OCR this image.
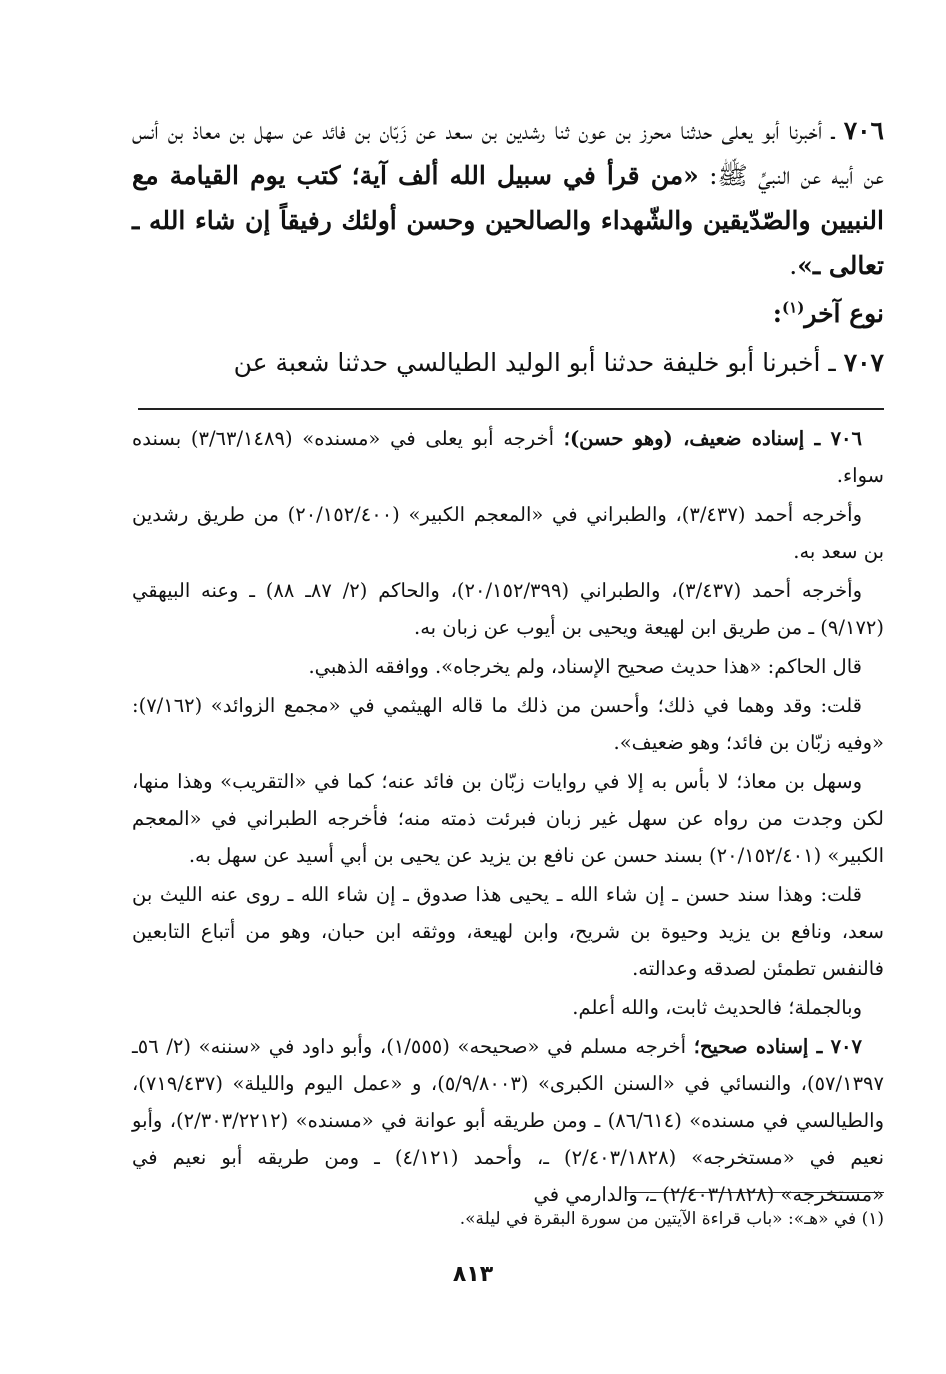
٧٠٦ ـ أخبرنا أبو يعلى حدثنا محرز بن عون ثنا رشدين بن سعد عن زَبّان بن فائد عن سهل بن معاذ بن أنس عن أبيه عن النبيِّ ﷺ: «من قرأ في سبيل الله ألف آية؛ كتب يوم القيامة مع النبيين والصّدّيقين والشّهداء والصالحين وحسن أولئك رفيقاً إن شاء الله ـ تعالى ـ».

نوع آخر$^{(١)}$:

٧٠٧ ـ أخبرنا أبو خليفة حدثنا أبو الوليد الطيالسي حدثنا شعبة عن

٧٠٦ ـ إسناده ضعيف، (وهو حسن)؛ أخرجه أبو يعلى في «مسنده» (٣/٦٣/١٤٨٩) بسنده سواء.

وأخرجه أحمد (٣/٤٣٧)، والطبراني في «المعجم الكبير» (٢٠/١٥٢/٤٠٠) من طريق رشدين بن سعد به.

وأخرجه أحمد (٣/٤٣٧)، والطبراني (٢٠/١٥٢/٣٩٩)، والحاكم (٢/ ٨٧ـ ٨٨) ـ وعنه البيهقي (٩/١٧٢) ـ من طريق ابن لهيعة ويحيى بن أيوب عن زبان به.

قال الحاكم: «هذا حديث صحيح الإسناد، ولم يخرجاه». ووافقه الذهبي.

قلت: وقد وهما في ذلك؛ وأحسن من ذلك ما قاله الهيثمي في «مجمع الزوائد» (٧/١٦٢): «وفيه زبّان بن فائد؛ وهو ضعيف».

وسهل بن معاذ؛ لا بأس به إلا في روايات زبّان بن فائد عنه؛ كما في «التقريب» وهذا منها، لكن وجدت من رواه عن سهل غير زبان فبرئت ذمته منه؛ فأخرجه الطبراني في «المعجم الكبير» (٢٠/١٥٢/٤٠١) بسند حسن عن نافع بن يزيد عن يحيى بن أبي أسيد عن سهل به.

قلت: وهذا سند حسن ـ إن شاء الله ـ يحيى هذا صدوق ـ إن شاء الله ـ روى عنه الليث بن سعد، ونافع بن يزيد وحيوة بن شريح، وابن لهيعة، ووثقه ابن حبان، وهو من أتباع التابعين فالنفس تطمئن لصدقه وعدالته.

وبالجملة؛ فالحديث ثابت، والله أعلم.

٧٠٧ ـ إسناده صحيح؛ أخرجه مسلم في «صحيحه» (١/٥٥٥)، وأبو داود في «سننه» (٢/ ٥٦ـ ٥٧/١٣٩٧)، والنسائي في «السنن الكبرى» (٥/٩/٨٠٠٣)، و «عمل اليوم والليلة» (٧١٩/٤٣٧)، والطيالسي في مسنده» (٨٦/٦١٤) ـ ومن طريقه أبو عوانة في «مسنده» (٢/٣٠٣/٢٢١٢)، وأبو نعيم في «مستخرجه» (٢/٤٠٣/١٨٢٨) ـ، وأحمد (٤/١٢١) ـ ومن طريقه أبو نعيم في «مستخرجه» (٢/٤٠٣/١٨٢٨) ـ، والدارمي في

(١) في «هـ»: «باب قراءة الآيتين من سورة البقرة في ليلة».
٨١٣
